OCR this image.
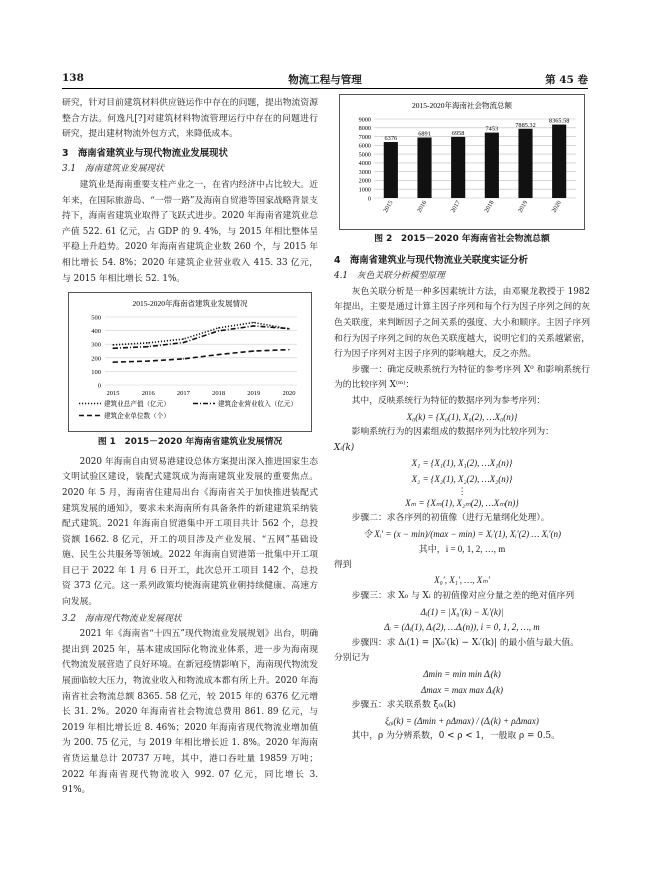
138	物流工程与管理	第 45 卷

研究，针对目前建筑材料供应链运作中存在的问题，提出物流资源整合方法。何逸凡[?]对建筑材料物流管理运行中存在的问题进行研究，提出建材物流外包方式，来降低成本。

3　海南省建筑业与现代物流业发展现状
3.1　海南建筑业发展现状

建筑业是海南重要支柱产业之一，在省内经济中占比较大。近年来，在国际旅游岛、“一带一路”及海南自贸港等国家战略背景支持下，海南省建筑业取得了飞跃式进步。2020 年海南省建筑业总产值 522. 61 亿元，占 GDP 的 9. 4%，与 2015 年相比整体呈平稳上升趋势。2020 年海南省建筑企业数 260 个，与 2015 年相比增长 54. 8%；2020 年建筑企业营业收入 415. 33 亿元，与 2015 年相比增长 52. 1%。

2015-2020年海南省建筑业发展情况
0
100
200
300
400
500
2015	2016	2017	2018	2019	2020
建筑业总产值（亿元）	建筑企业营业收入（亿元）
建筑企业单位数（个）
图 1　2015－2020 年海南省建筑业发展情况

2020 年海南自由贸易港建设总体方案提出深入推进国家生态文明试验区建设，装配式建筑成为海南建筑业发展的重要焦点。2020 年 5 月，海南省住建局出台《海南省关于加快推进装配式建筑发展的通知》，要求未来海南所有具备条件的新建建筑采纳装配式建筑。2021 年海南自贸港集中开工项目共计 562 个，总投资额 1662. 8 亿元，开工的项目涉及产业发展、“五网”基础设施、民生公共服务等领域。2022 年海南自贸港第一批集中开工项目已于 2022 年 1 月 6 日开工，此次总开工项目 142 个，总投资 373 亿元。这一系列政策均使海南建筑业朝持续健康、高速方向发展。

3.2　海南现代物流业发展现状

2021 年《海南省“十四五”现代物流业发展规划》出台，明确提出到 2025 年，基本建成国际化物流业体系，进一步为海南现代物流发展营造了良好环境。在新冠疫情影响下，海南现代物流发展面临较大压力，物流业收入和物流成本都有所上升。2020 年海南省社会物流总额 8365. 58 亿元，较 2015 年的 6376 亿元增长 31. 2%。2020 年海南省社会物流总费用 861. 89 亿元，与 2019 年相比增长近 8. 46%；2020 年海南省现代物流业增加值为 200. 75 亿元，与 2019 年相比增长近 1. 8%。2020 年海南省货运量总计 20737 万吨，其中，港口吞吐量 19859 万吨；2022 年海南省现代物流收入 992. 07 亿元，同比增长 3. 91%。

2015-2020年海南社会物流总额
0
1000
2000
3000
4000
5000
6000
7000
8000
9000
6376
2015
6891
2016
6958
2017
7453
2018
7885.32
2019
8365.58
2020
图 2　2015－2020 年海南省社会物流总额
4　海南省建筑业与现代物流业关联度实证分析
4.1　灰色关联分析模型原理

灰色关联分析是一种多因素统计方法，由邓聚龙教授于 1982 年提出，主要是通过计算主因子序列和每个行为因子序列之间的灰色关联度，来判断因子之间关系的强度、大小和顺序。主因子序列和行为因子序列之间的灰色关联度越大，说明它们的关系越紧密，行为因子序列对主因子序列的影响越大，反之亦然。

步骤一：确定反映系统行为特征的参考序列 X⁰ 和影响系统行为的比较序列 X⁽ᵐ⁾：

其中，反映系统行为特征的数据序列为参考序列：

X₀(k) = {X₀(1), X₀(2), …X₀(n)}

影响系统行为的因素组成的数据序列为比较序列为：

Xᵢ(k)

X₁ = {X₁(1), X₁(2), …X₁(n)}
X₂ = {X₂(1), X₂(2), …X₂(n)}
⋮
Xₘ = {Xₘ(1), X₂ₘ(2), …Xₘ(n)}

步骤二：求各序列的初值像（进行无量纲化处理）。

令 Xᵢ′ = (x − min)/(max − min) = Xᵢ′(1), Xᵢ′(2) … Xᵢ′(n)
其中，i = 0, 1, 2, …, m

得到

X₀′, X₁′, …, Xₘ′

步骤三：求 X₀ 与 Xᵢ 的初值像对应分量之差的绝对值序列

Δᵢ(1) = |X₀′(k) − Xᵢ′(k)|
Δᵢ = (Δᵢ(1), Δᵢ(2), …Δᵢ(n)), i = 0, 1, 2, …, m

步骤四：求 Δᵢ(1) = |X₀′(k) − Xᵢ′(k)| 的最小值与最大值。

分别记为

Δmin = min min Δᵢ(k)
Δmax = max max Δᵢ(k)

步骤五：求关联系数 ξ₀ᵢ(k)

ξ₀ᵢ(k) = (Δmin + ρΔmax) / (Δᵢ(k) + ρΔmax)

其中，ρ 为分辨系数，0 < ρ < 1，一般取 ρ = 0.5。
